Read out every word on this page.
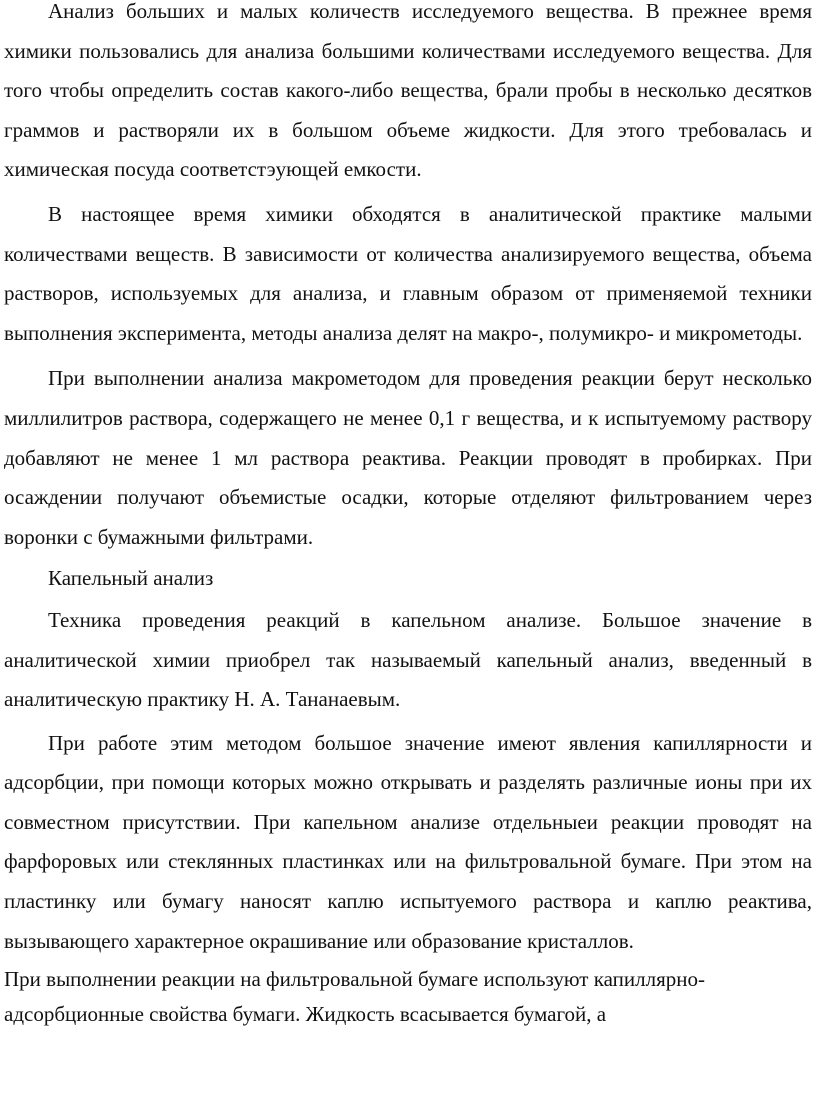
Анализ больших и малых количеств исследуемого вещества. В прежнее время химики пользовались для анализа большими количествами исследуемого вещества. Для того чтобы определить состав какого-либо вещества, брали пробы в несколько десятков граммов и растворяли их в большом объеме жидкости. Для этого требовалась и химическая посуда соответстэующей емкости.

В настоящее время химики обходятся в аналитической практике малыми количествами веществ. В зависимости от количества анализируемого вещества, объема растворов, используемых для анализа, и главным образом от применяемой техники выполнения эксперимента, методы анализа делят на макро-, полумикро- и микрометоды.

При выполнении анализа макрометодом для проведения реакции берут несколько миллилитров раствора, содержащего не менее 0,1 г вещества, и к испытуемому раствору добавляют не менее 1 мл раствора реактива. Реакции проводят в пробирках. При осаждении получают объемистые осадки, которые отделяют фильтрованием через воронки с бумажными фильтрами.

Капельный анализ

Техника проведения реакций в капельном анализе. Большое значение в аналитической химии приобрел так называемый капельный анализ, введенный в аналитическую практику Н. А. Тананаевым.

При работе этим методом большое значение имеют явления капиллярности и адсорбции, при помощи которых можно открывать и разделять различные ионы при их совместном присутствии. При капельном анализе отдельныеи реакции проводят на фарфоровых или стеклянных пластинках или на фильтровальной бумаге. При этом на пластинку или бумагу наносят каплю испытуемого раствора и каплю реактива, вызывающего характерное окрашивание или образование кристаллов.

При выполнении реакции на фильтровальной бумаге используют капиллярно-адсорбционные свойства бумаги. Жидкость всасывается бумагой, а
